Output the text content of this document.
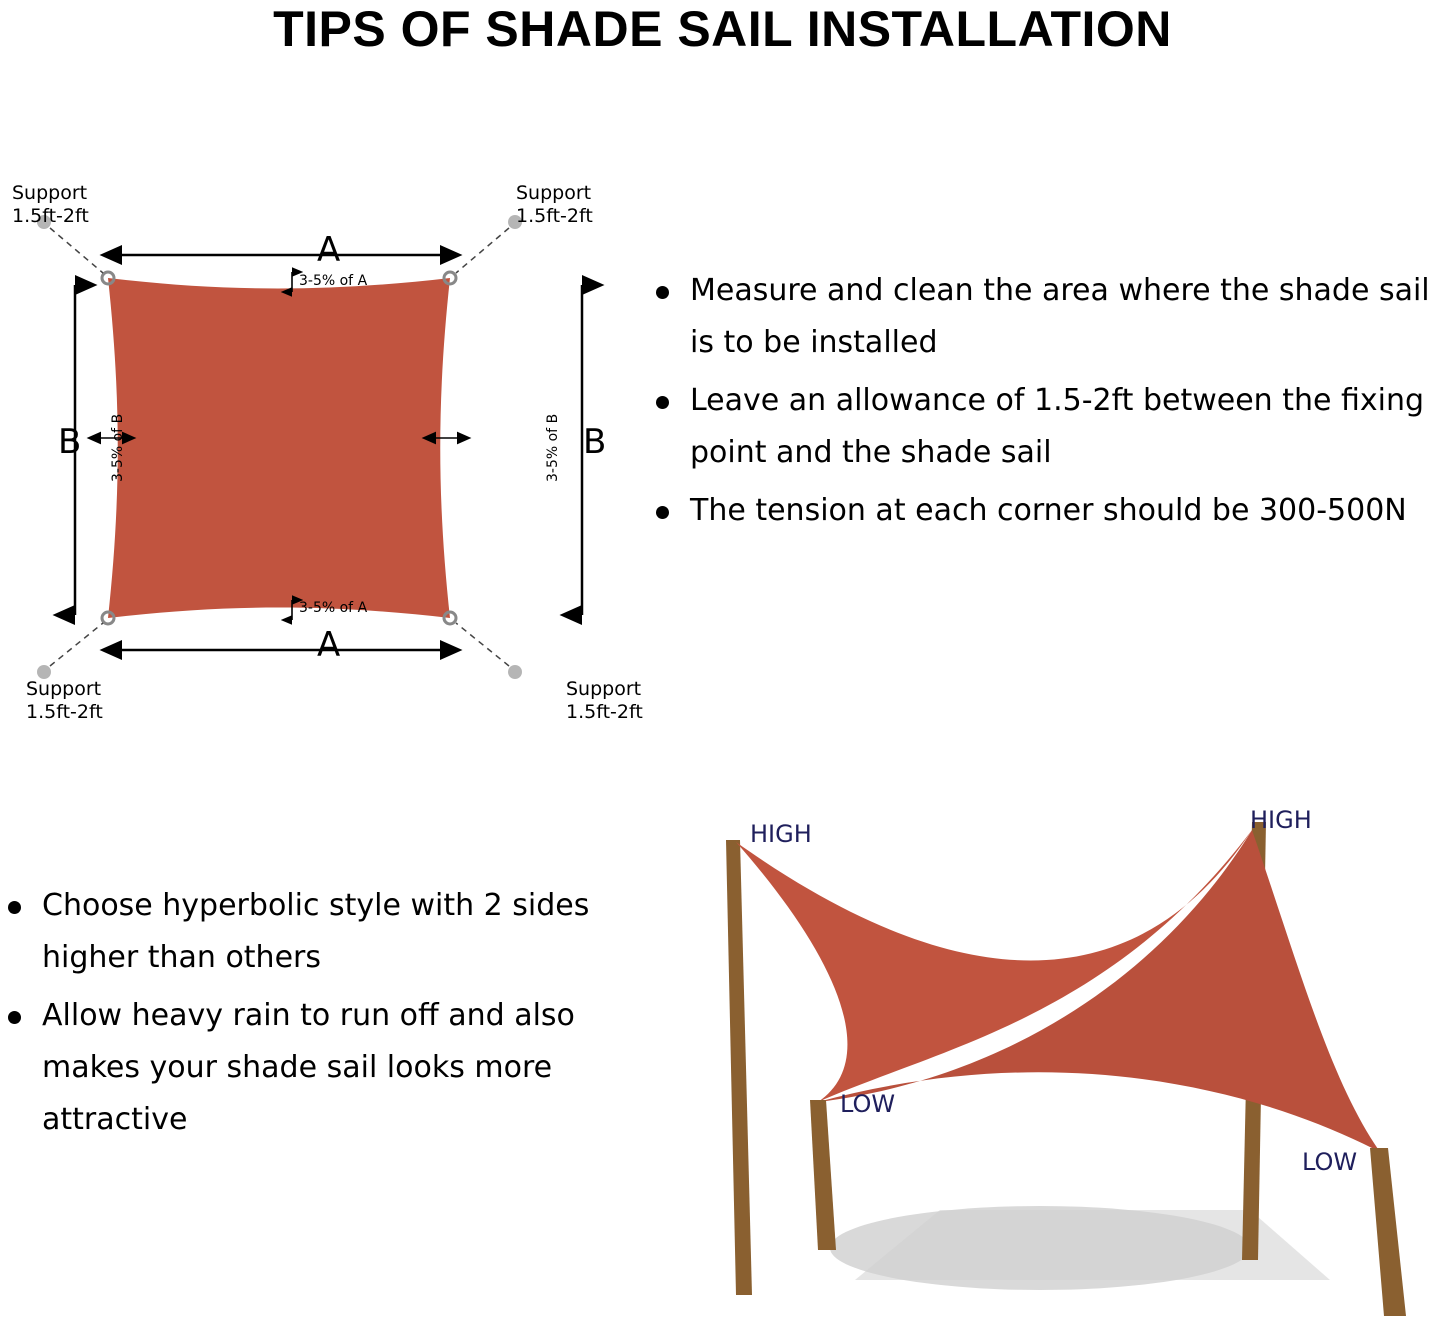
TIPS OF SHADE SAIL INSTALLATION
Support
1.5ft-2ft
Support
1.5ft-2ft
Support
1.5ft-2ft
Support
1.5ft-2ft
A
A
B	B
3-5% of A
3-5% of A
3-5% of B	3-5% of B
Measure and clean the area where the shade sail is to be installed
Leave an allowance of 1.5-2ft between the fixing point and the shade sail
The tension at each corner should be 300-500N
Choose hyperbolic style with 2 sides higher than others
Allow heavy rain to run off and also makes your shade sail looks more attractive
HIGH	HIGH
LOW
LOW
